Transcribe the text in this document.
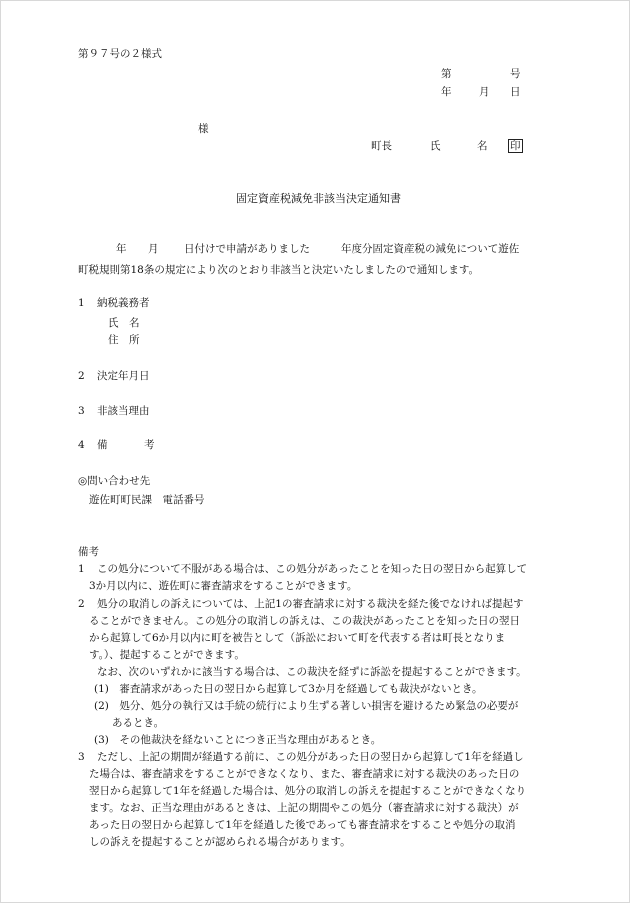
第９７号の２様式
第	号
年	月 日
様
町長	氏	名 印
固定資産税減免非該当決定通知書
年 月 日付けで申請がありました	年度分固定資産税の減免について遊佐
町税規則第18条の規定により次のとおり非該当と決定いたしましたので通知します。
1 納税義務者
氏 名
住 所
2 決定年月日
3 非該当理由
4 備	考
◎問い合わせ先
遊佐町町民課　電話番号
備考
1 この処分について不服がある場合は、この処分があったことを知った日の翌日から起算して
3か月以内に、遊佐町に審査請求をすることができます。
2 処分の取消しの訴えについては、上記1の審査請求に対する裁決を経た後でなければ提起す
ることができません。この処分の取消しの訴えは、この裁決があったことを知った日の翌日
から起算して6か月以内に町を被告として（訴訟において町を代表する者は町長となりま
す。）、提起することができます。
なお、次のいずれかに該当する場合は、この裁決を経ずに訴訟を提起することができます。
(1)　審査請求があった日の翌日から起算して3か月を経過しても裁決がないとき。
(2)　処分、処分の執行又は手続の続行により生ずる著しい損害を避けるため緊急の必要が
あるとき。
(3)　その他裁決を経ないことにつき正当な理由があるとき。
3 ただし、上記の期間が経過する前に、この処分があった日の翌日から起算して1年を経過し
た場合は、審査請求をすることができなくなり、また、審査請求に対する裁決のあった日の
翌日から起算して1年を経過した場合は、処分の取消しの訴えを提起することができなくなり
ます。なお、正当な理由があるときは、上記の期間やこの処分（審査請求に対する裁決）が
あった日の翌日から起算して1年を経過した後であっても審査請求をすることや処分の取消
しの訴えを提起することが認められる場合があります。
